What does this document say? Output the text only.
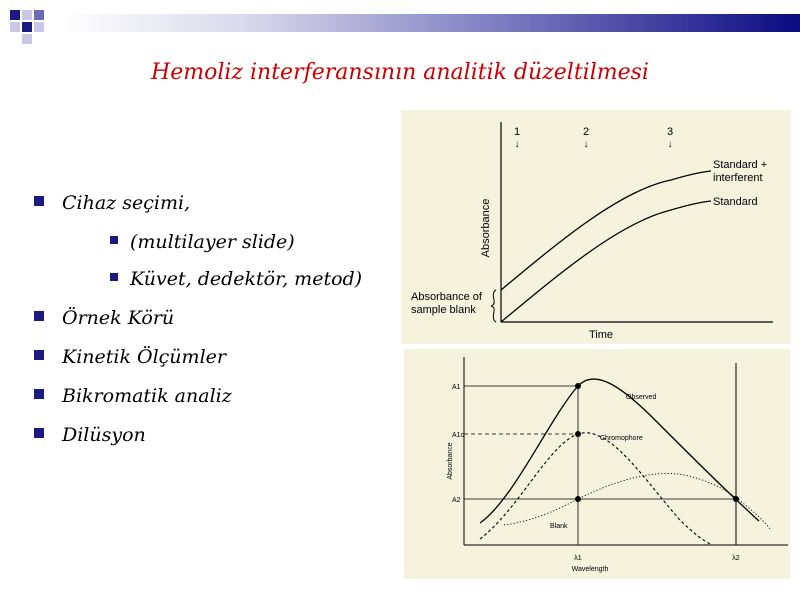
Hemoliz interferansının analitik düzeltilmesi
Cihaz seçimi,
(multilayer slide)
Küvet, dedektör, metod)
Örnek Körü
Kinetik Ölçümler
Bikromatik analiz
Dilüsyon
1
↓
2
↓
3
↓
Standard +
interferent
Standard
Absorbance
Time
Absorbance of
sample blank
Observed
Chromophore
Blank
A1
A1c
A2
λ1	λ2
Wavelength
Absorbance
